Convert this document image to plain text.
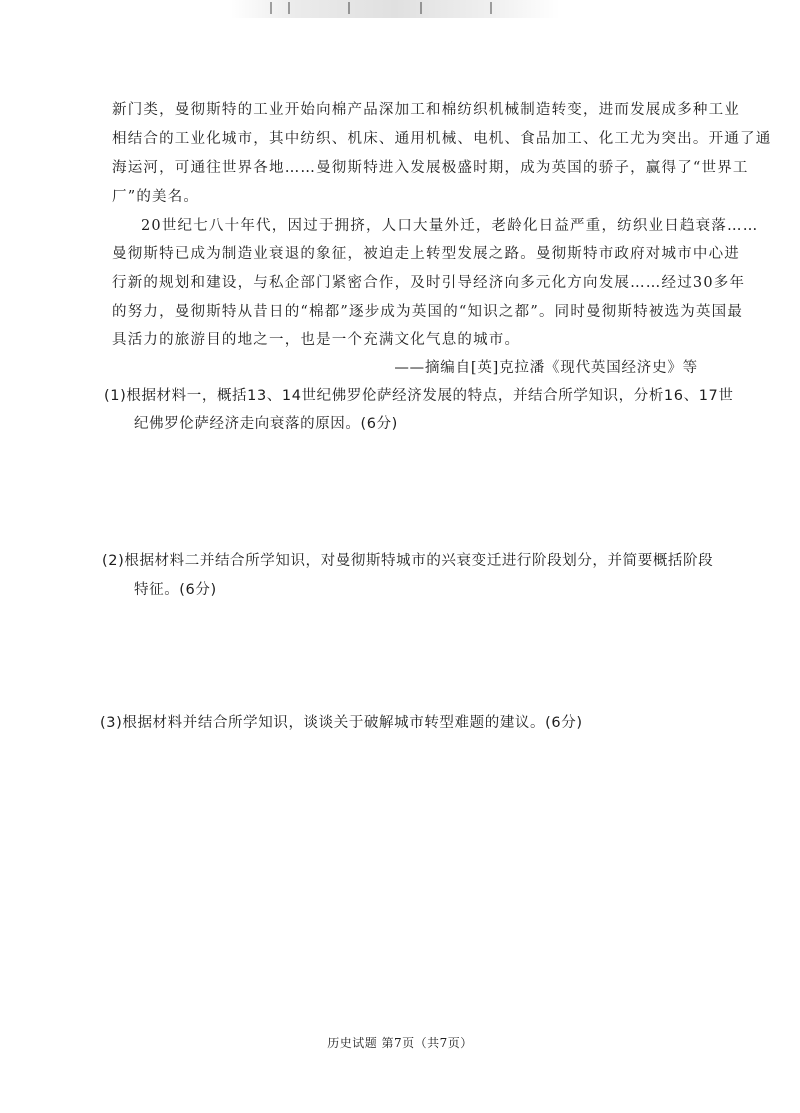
新门类，曼彻斯特的工业开始向棉产品深加工和棉纺织机械制造转变，进而发展成多种工业

相结合的工业化城市，其中纺织、机床、通用机械、电机、食品加工、化工尤为突出。开通了通

海运河，可通往世界各地……曼彻斯特进入发展极盛时期，成为英国的骄子，赢得了“世界工

厂”的美名。

20世纪七八十年代，因过于拥挤，人口大量外迁，老龄化日益严重，纺织业日趋衰落……

曼彻斯特已成为制造业衰退的象征，被迫走上转型发展之路。曼彻斯特市政府对城市中心进

行新的规划和建设，与私企部门紧密合作，及时引导经济向多元化方向发展……经过30多年

的努力，曼彻斯特从昔日的“棉都”逐步成为英国的“知识之都”。同时曼彻斯特被选为英国最

具活力的旅游目的地之一，也是一个充满文化气息的城市。

——摘编自[英]克拉潘《现代英国经济史》等

(1)根据材料一，概括13、14世纪佛罗伦萨经济发展的特点，并结合所学知识，分析16、17世

纪佛罗伦萨经济走向衰落的原因。(6分)

(2)根据材料二并结合所学知识，对曼彻斯特城市的兴衰变迁进行阶段划分，并简要概括阶段

特征。(6分)

(3)根据材料并结合所学知识，谈谈关于破解城市转型难题的建议。(6分)

历史试题 第7页（共7页）
